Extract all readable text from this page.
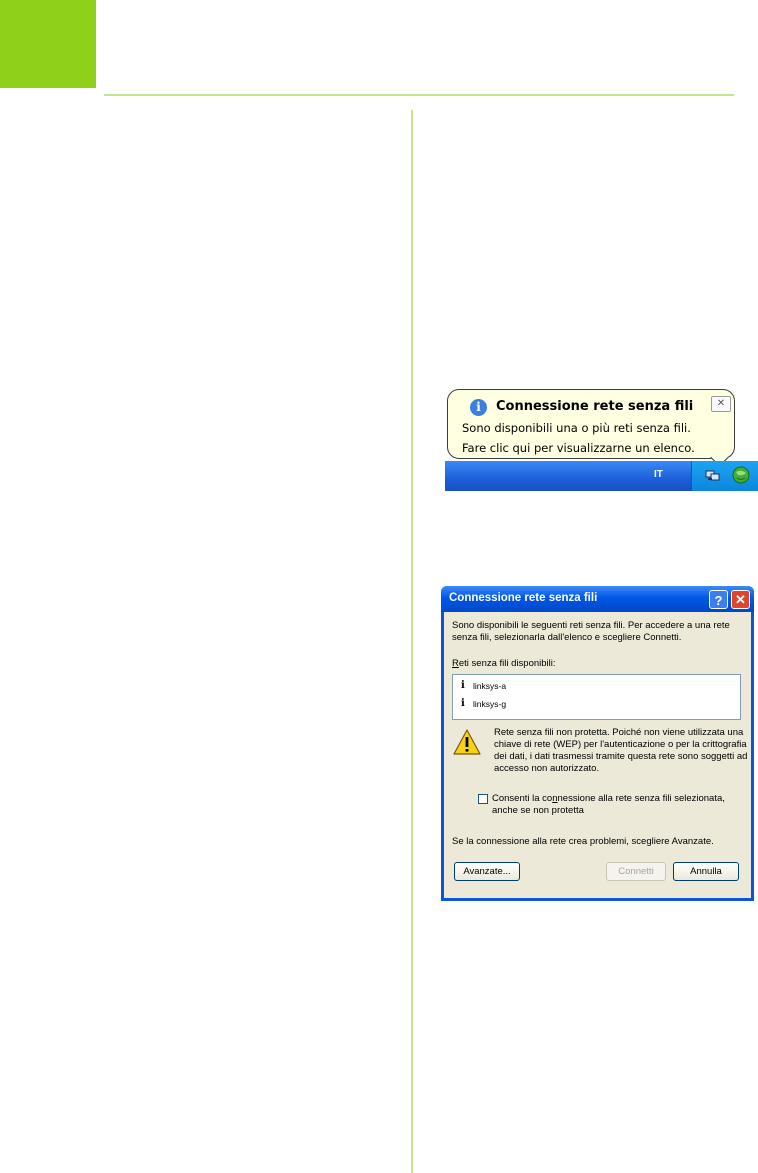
i	Connessione rete senza fili	✕
Sono disponibili una o più reti senza fili.
Fare clic qui per visualizzarne un elenco.
IT
Connessione rete senza fili	? ✕
Sono disponibili le seguenti reti senza fili. Per accedere a una rete
senza fili, selezionarla dall'elenco e scegliere Connetti.
Reti senza fili disponibili:
i linksys-a
i linksys-g
Rete senza fili non protetta. Poiché non viene utilizzata una
chiave di rete (WEP) per l'autenticazione o per la crittografia
dei dati, i dati trasmessi tramite questa rete sono soggetti ad
accesso non autorizzato.
Consenti la connessione alla rete senza fili selezionata,
anche se non protetta
Se la connessione alla rete crea problemi, scegliere Avanzate.
Avanzate...	Connetti	Annulla
